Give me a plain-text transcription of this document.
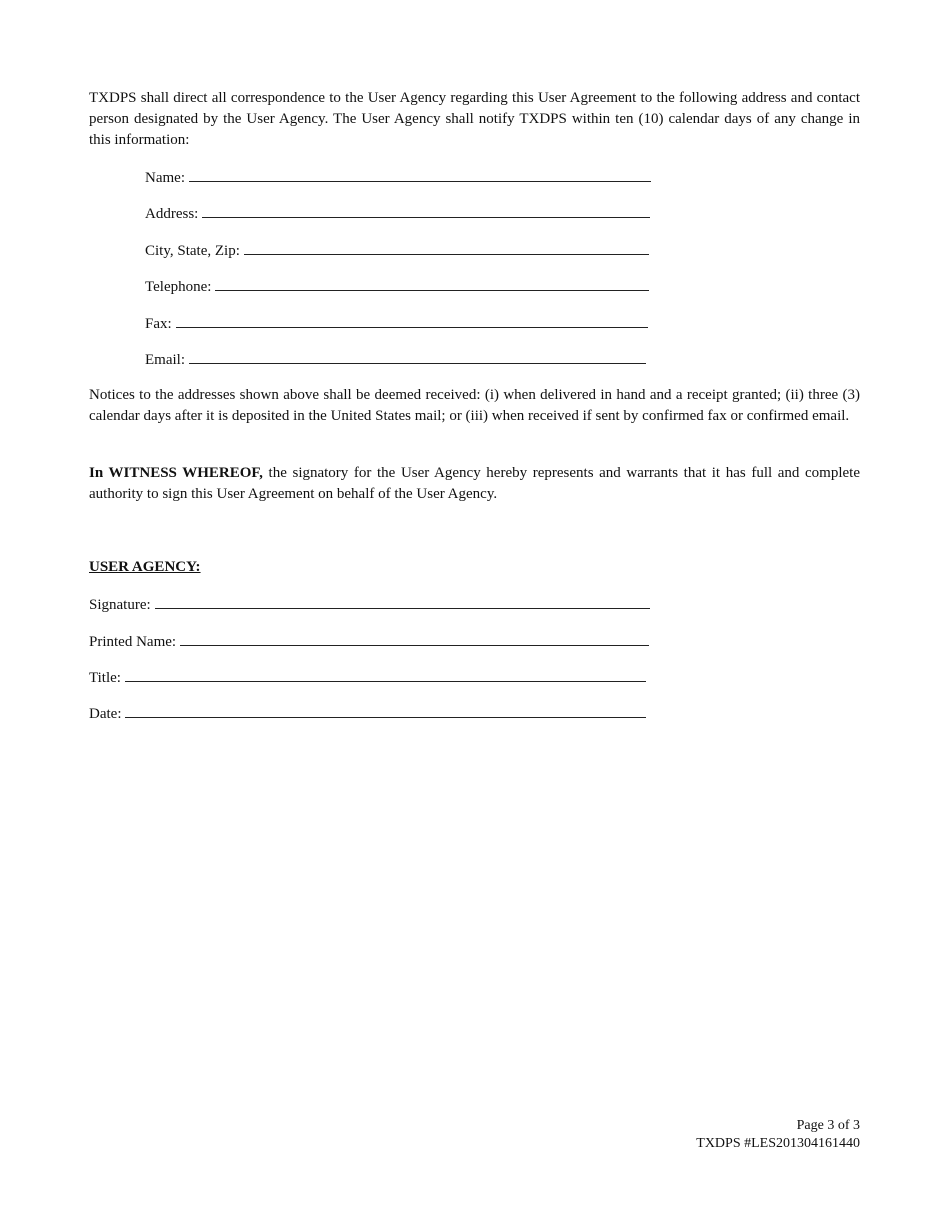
TXDPS shall direct all correspondence to the User Agency regarding this User Agreement to the following address and contact person designated by the User Agency. The User Agency shall notify TXDPS within ten (10) calendar days of any change in this information:

Name:
Address:
City, State, Zip:
Telephone:
Fax:
Email:

Notices to the addresses shown above shall be deemed received: (i) when delivered in hand and a receipt granted; (ii) three (3) calendar days after it is deposited in the United States mail; or (iii) when received if sent by confirmed fax or confirmed email.

In WITNESS WHEREOF, the signatory for the User Agency hereby represents and warrants that it has full and complete authority to sign this User Agreement on behalf of the User Agency.

USER AGENCY:
Signature:
Printed Name:
Title:
Date:
Page 3 of 3
TXDPS #LES201304161440
